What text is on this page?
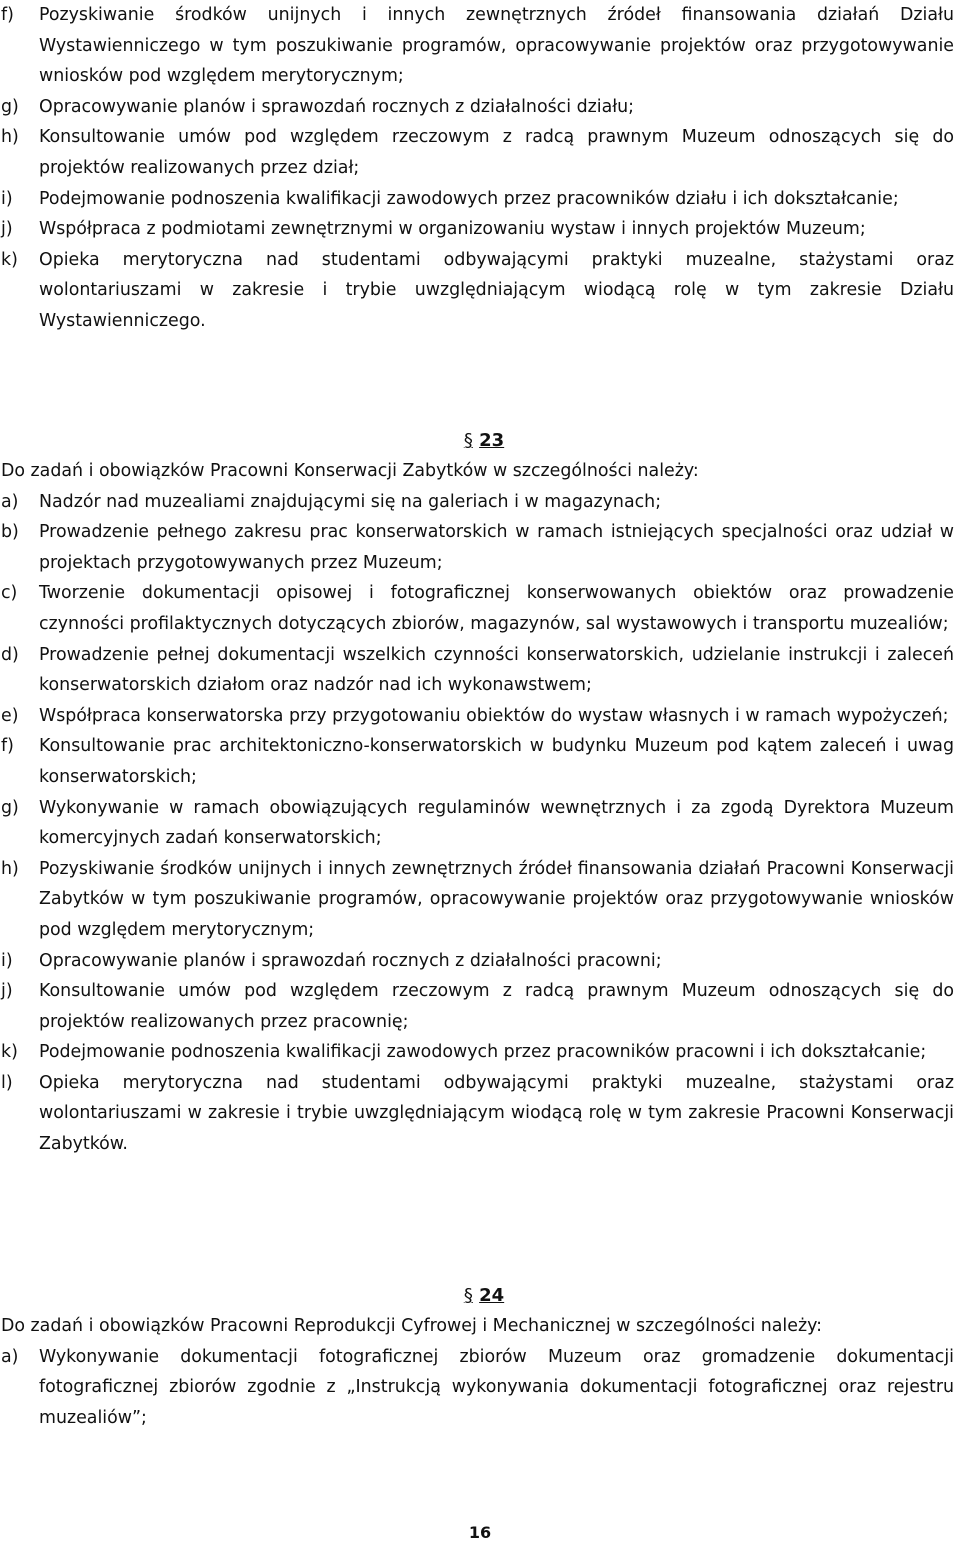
f)	Pozyskiwanie środków unijnych i innych zewnętrznych źródeł finansowania działań Działu Wystawienniczego w tym poszukiwanie programów, opracowywanie projektów oraz przygotowywanie wniosków pod względem merytorycznym;
g)	Opracowywanie planów i sprawozdań rocznych z działalności działu;
h)	Konsultowanie umów pod względem rzeczowym z radcą prawnym Muzeum odnoszących się do projektów realizowanych przez dział;
i)	Podejmowanie podnoszenia kwalifikacji zawodowych przez pracowników działu i ich dokształcanie;
j)	Współpraca z podmiotami zewnętrznymi w organizowaniu wystaw i innych projektów Muzeum;
k)	Opieka merytoryczna nad studentami odbywającymi praktyki muzealne, stażystami oraz wolontariuszami w zakresie i trybie uwzględniającym wiodącą rolę w tym zakresie Działu Wystawienniczego.
§ 23

Do zadań i obowiązków Pracowni Konserwacji Zabytków w szczególności należy:

a)	Nadzór nad muzealiami znajdującymi się na galeriach i w magazynach;
b)	Prowadzenie pełnego zakresu prac konserwatorskich w ramach istniejących specjalności oraz udział w projektach przygotowywanych przez Muzeum;
c)	Tworzenie dokumentacji opisowej i fotograficznej konserwowanych obiektów oraz prowadzenie czynności profilaktycznych dotyczących zbiorów, magazynów, sal wystawowych i transportu muzealiów;
d)	Prowadzenie pełnej dokumentacji wszelkich czynności konserwatorskich, udzielanie instrukcji i zaleceń konserwatorskich działom oraz nadzór nad ich wykonawstwem;
e)	Współpraca konserwatorska przy przygotowaniu obiektów do wystaw własnych i w ramach wypożyczeń;
f)	Konsultowanie prac architektoniczno-konserwatorskich w budynku Muzeum pod kątem zaleceń i uwag konserwatorskich;
g)	Wykonywanie w ramach obowiązujących regulaminów wewnętrznych i za zgodą Dyrektora Muzeum komercyjnych zadań konserwatorskich;
h)	Pozyskiwanie środków unijnych i innych zewnętrznych źródeł finansowania działań Pracowni Konserwacji Zabytków w tym poszukiwanie programów, opracowywanie projektów oraz przygotowywanie wniosków pod względem merytorycznym;
i)	Opracowywanie planów i sprawozdań rocznych z działalności pracowni;
j)	Konsultowanie umów pod względem rzeczowym z radcą prawnym Muzeum odnoszących się do projektów realizowanych przez pracownię;
k)	Podejmowanie podnoszenia kwalifikacji zawodowych przez pracowników pracowni i ich dokształcanie;
l)	Opieka merytoryczna nad studentami odbywającymi praktyki muzealne, stażystami oraz wolontariuszami w zakresie i trybie uwzględniającym wiodącą rolę w tym zakresie Pracowni Konserwacji Zabytków.
§ 24

Do zadań i obowiązków Pracowni Reprodukcji Cyfrowej i Mechanicznej w szczególności należy:

a)	Wykonywanie dokumentacji fotograficznej zbiorów Muzeum oraz gromadzenie dokumentacji fotograficznej zbiorów zgodnie z „Instrukcją wykonywania dokumentacji fotograficznej oraz rejestru muzealiów”;
16
